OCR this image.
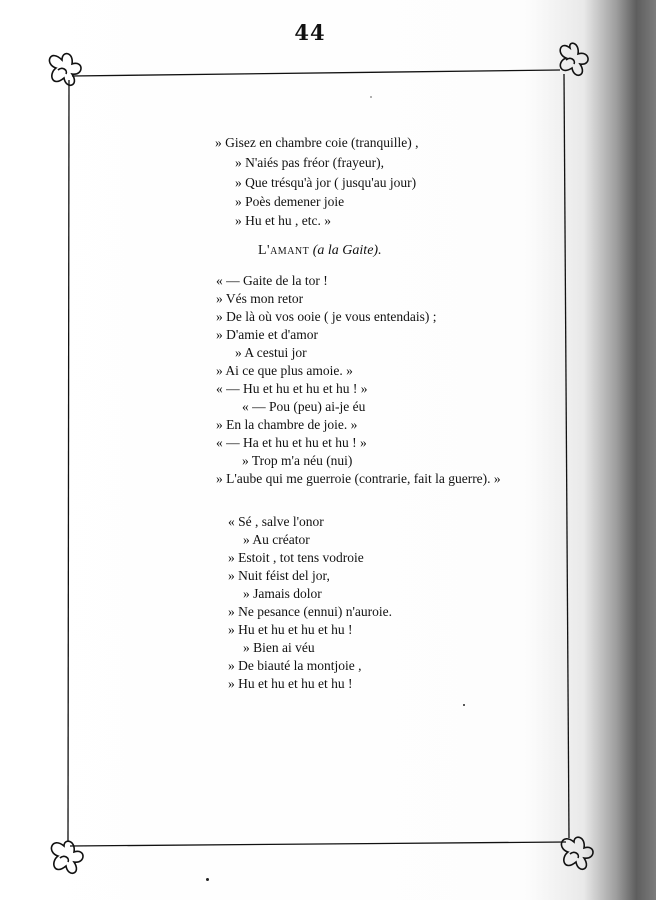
44
» Gisez en chambre coie (tranquille) ,
» N'aiés pas fréor (frayeur),
» Que trésqu'à jor ( jusqu'au jour)
» Poès demener joie
» Hu et hu , etc. »
L'amant (a la Gaite).
« — Gaite de la tor !
» Vés mon retor
» De là où vos ooie ( je vous entendais) ;
» D'amie et d'amor
» A cestui jor
» Ai ce que plus amoie. »
« — Hu et hu et hu et hu ! »
« — Pou (peu) ai-je éu
» En la chambre de joie. »
« — Ha et hu et hu et hu ! »
» Trop m'a néu (nui)
» L'aube qui me guerroie (contrarie, fait la guerre). »
« Sé , salve l'onor
» Au créator
» Estoit , tot tens vodroie
» Nuit féist del jor,
» Jamais dolor
» Ne pesance (ennui) n'auroie.
» Hu et hu et hu et hu !
» Bien ai véu
» De biauté la montjoie ,
» Hu et hu et hu et hu !
